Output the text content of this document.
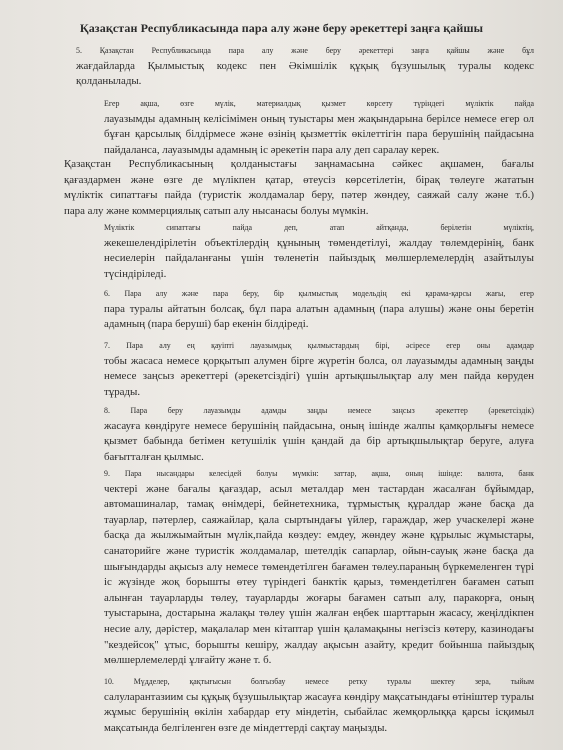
Қазақстан Республикасында пара алу және беру әрекеттері заңға қайшы
5. Қазақстан Республикасында пара алу және беру әрекеттері заңға қайшы және бұл
жағдайларда Қылмыстық кодекс пен Әкімшілік құқық бұзушылық туралы кодекс
қолданылады.
Егер ақша, өзге мүлік, материалдық қызмет көрсету түріндегі мүліктік пайда
лауазымды адамның келісімімен оның туыстары мен жақындарына берілсе немесе егер ол
бұған қарсылық білдірмесе және өзінің қызметтік өкілеттігін пара берушінің пайдасына
пайдаланса, лауазымды адамның іс әрекетін пара алу деп саралау керек.
Қазақстан Республикасының қолданыстағы заңнамасына сәйкес ақшамен, бағалы
қағаздармен және өзге де мүлікпен қатар, өтеусіз көрсетілетін, бірақ төлеуге жататын
мүліктік сипаттағы пайда (туристік жолдамалар беру, пәтер жөндеу, саяжай салу және т.б.)
пара алу және коммерциялық сатып алу нысанасы болуы мүмкін.
Мүліктік сипаттағы пайда деп, атап айтқанда, берілетін мүліктің,
жекешелендірілетін объектілердің құнының төмендетілуі, жалдау төлемдерінің, банк
несиелерін пайдаланғаны үшін төленетін пайыздық мөлшерлемелердің азайтылуы
түсіндіріледі.
6. Пара алу және пара беру, бір қылмыстық модельдің екі қарама-қарсы жағы, егер
пара туралы айтатын болсақ, бұл пара алатын адамның (пара алушы) және оны беретін
адамның (пара беруші) бар екенін білдіреді.
7. Пара алу ең қауіпті лауазымдық қылмыстардың бірі, әсіресе егер оны адамдар
тобы жасаса немесе қорқытып алумен бірге жүретін болса, ол лауазымды адамның заңды
немесе заңсыз әрекеттері (әрекетсіздігі) үшін артықшылықтар алу мен пайда көруден
тұрады.
8. Пара беру лауазымды адамды заңды немесе заңсыз әрекеттер (әрекетсіздік)
жасауға көндіруге немесе берушінің пайдасына, оның ішінде жалпы қамқорлығы немесе
қызмет бабында бетімен кетушілік үшін қандай да бір артықшылықтар беруге, алуға
бағытталған қылмыс.
9. Пара нысандары келесідей болуы мүмкін: заттар, ақша, оның ішінде: валюта, банк
чектері және бағалы қағаздар, асыл металдар мен тастардан жасалған бұйымдар,
автомашиналар, тамақ өнімдері, бейнетехника, тұрмыстық құралдар және басқа да
тауарлар, пәтерлер, саяжайлар, қала сыртындағы үйлер, гараждар, жер учаскелері және
басқа да жылжымайтын мүлік,пайда көздеу: емдеу, жөндеу және құрылыс жұмыстары,
санаторийге және туристік жолдамалар, шетелдік сапарлар, ойын-сауық және басқа да
шығындарды ақысыз алу немесе төмендетілген бағамен төлеу.параның бүркемеленген түрі
іс жүзінде жоқ борышты өтеу түріндегі банктік қарыз, төмендетілген бағамен сатып
алынған тауарларды төлеу, тауарларды жоғары бағамен сатып алу, паракорға, оның
туыстарына, достарына жалақы төлеу үшін жалған еңбек шарттарын жасасу, жеңілдікпен
несие алу, дәрістер, мақалалар мен кітаптар үшін қаламақыны негізсіз көтеру, казинодағы
"кездейсоқ" ұтыс, борышты кешіру, жалдау ақысын азайту, кредит бойынша пайыздық
мөлшерлемелерді ұлғайту және т. б.
10. Мүдделер, қақтығысын болғызбау немесе ретку туралы шектеу зера, тыйым
салуларантазиим сы құқық бұзушылықтар жасауға көндіру мақсатындағы өтініштер туралы
жұмыс берушінің өкілін хабардар ету міндетін, сыбайлас жемқорлыққа қарсы ісқимыл
мақсатында белгіленген өзге де міндеттерді сақтау маңызды.
